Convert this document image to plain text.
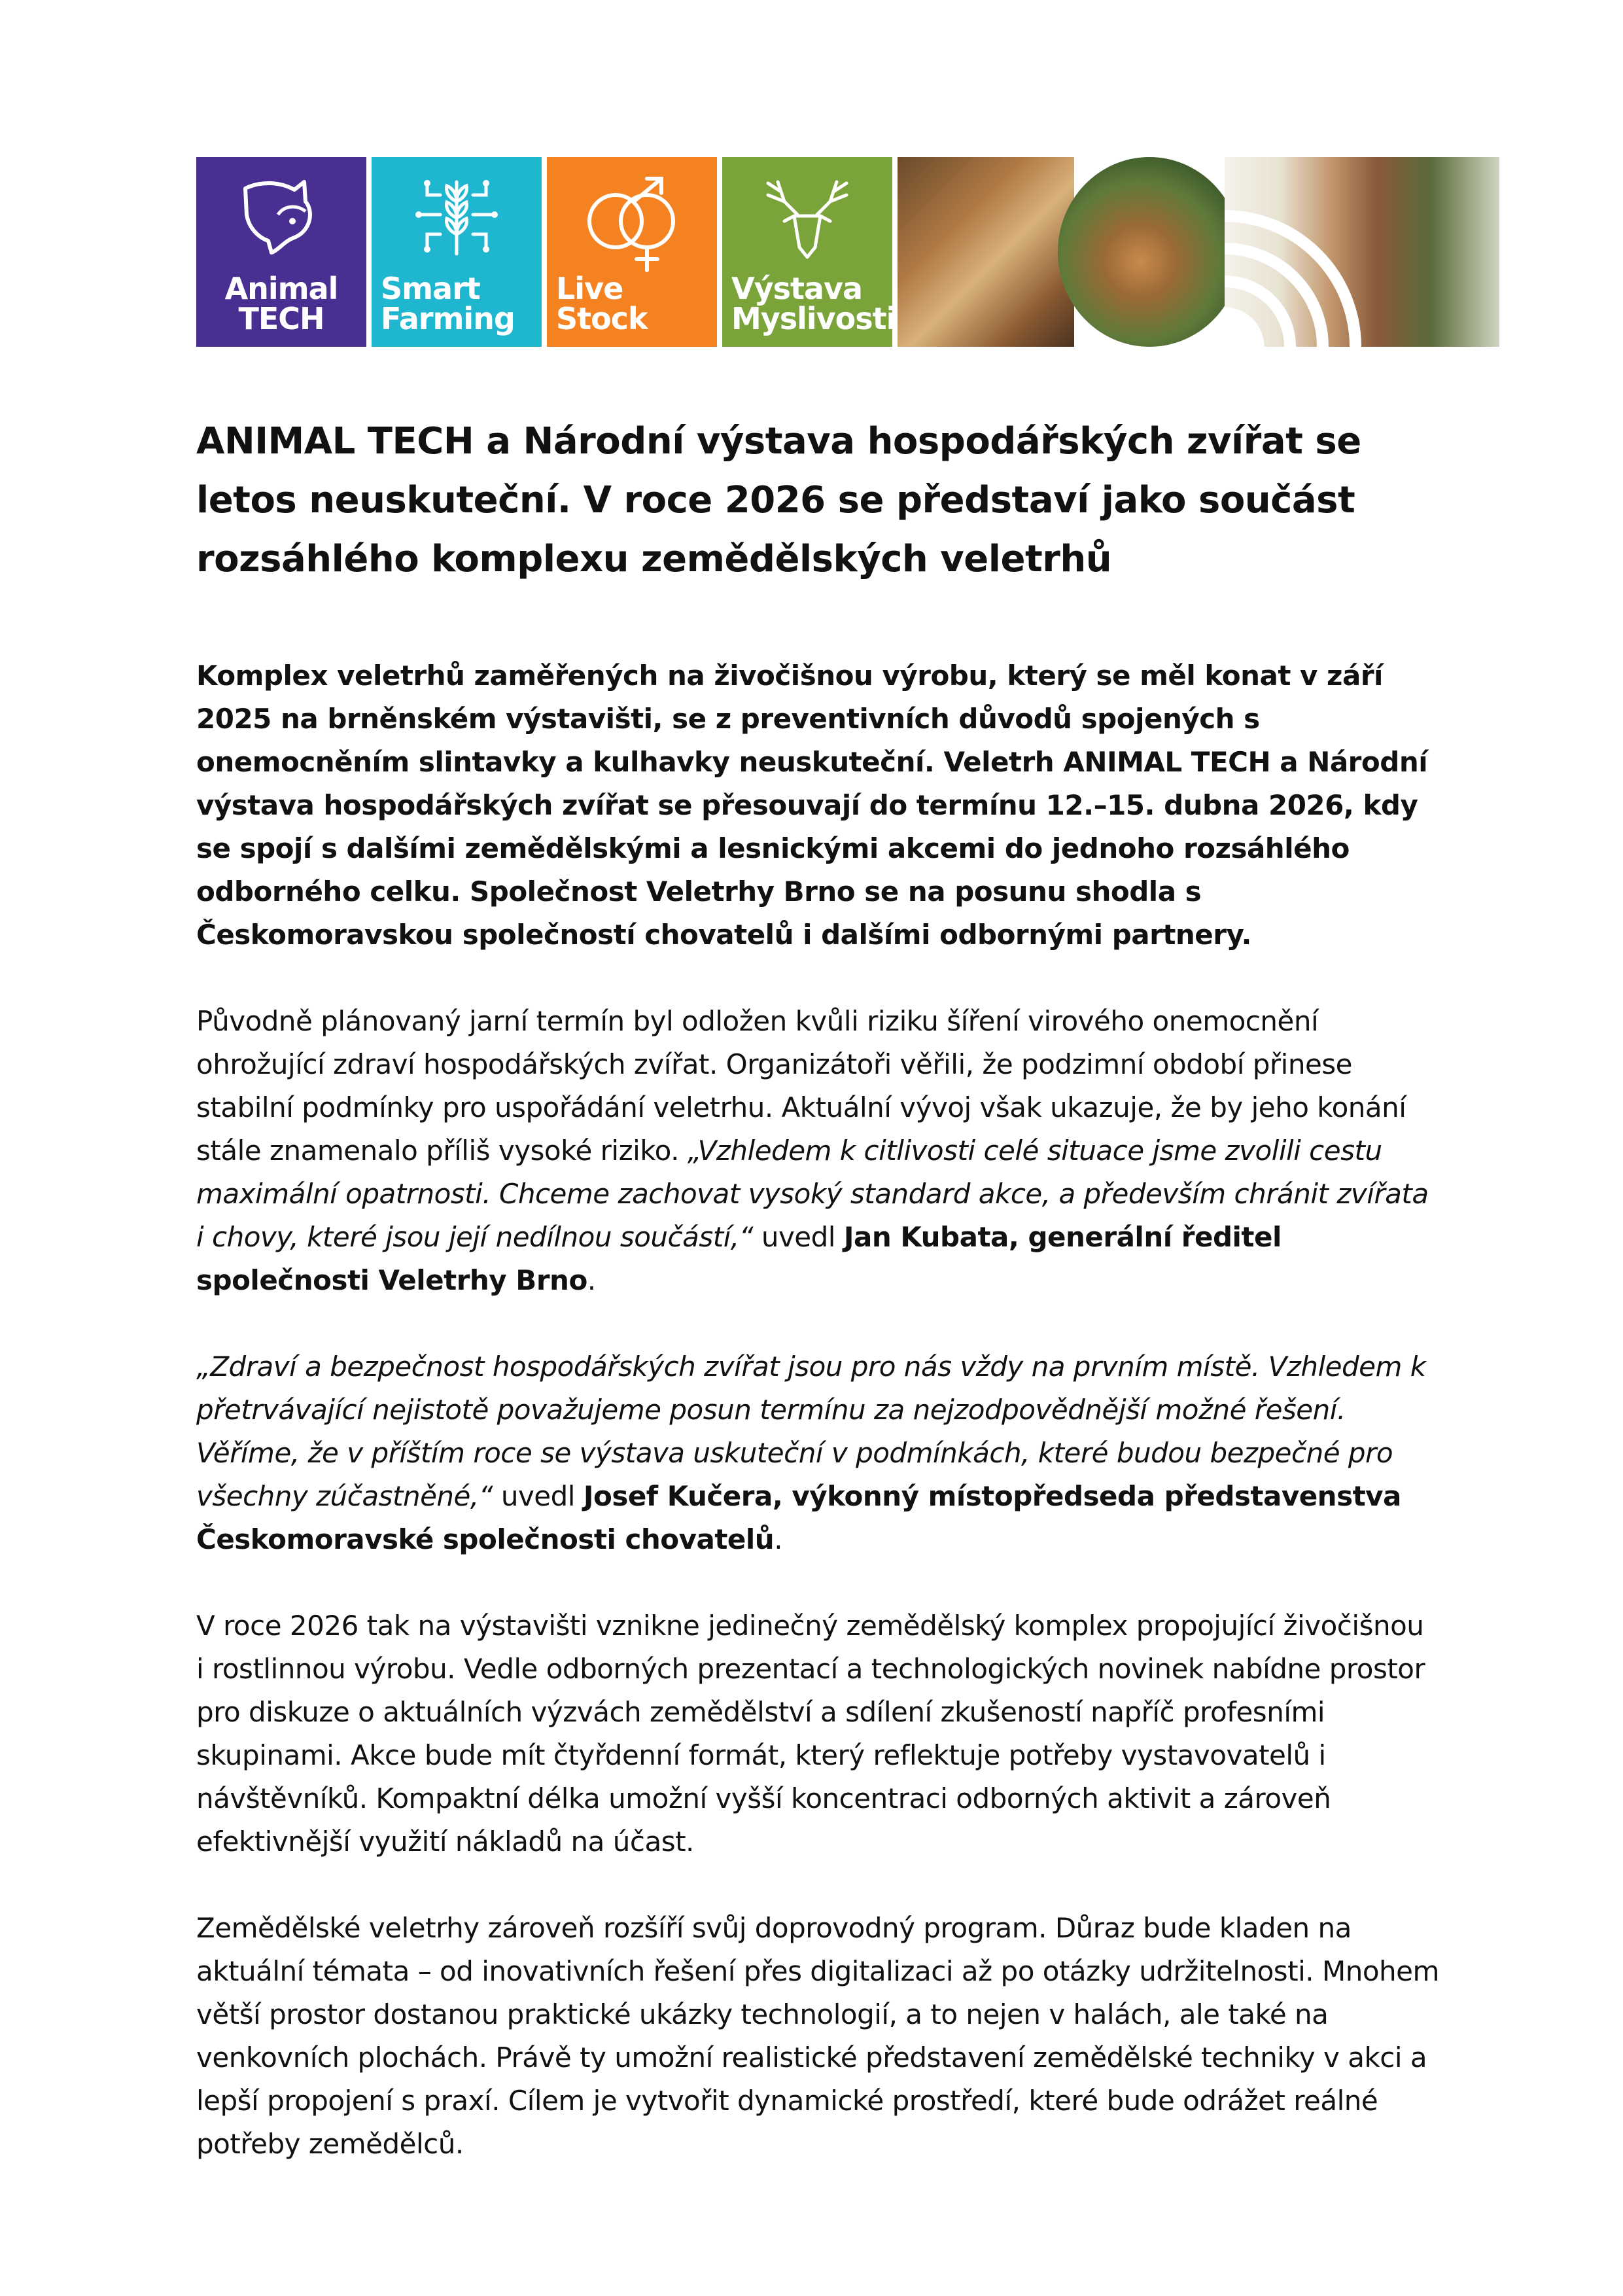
Animal
TECH
Smart
Farming
Live
Stock
Výstava
Myslivosti
ANIMAL TECH a Národní výstava hospodářských zvířat se letos neuskuteční. V roce 2026 se představí jako součást rozsáhlého komplexu zemědělských veletrhů

Komplex veletrhů zaměřených na živočišnou výrobu, který se měl konat v září 2025 na brněnském výstavišti, se z preventivních důvodů spojených s onemocněním slintavky a kulhavky neuskuteční. Veletrh ANIMAL TECH a Národní výstava hospodářských zvířat se přesouvají do termínu 12.–15. dubna 2026, kdy se spojí s dalšími zemědělskými a lesnickými akcemi do jednoho rozsáhlého odborného celku. Společnost Veletrhy Brno se na posunu shodla s Českomoravskou společností chovatelů i dalšími odbornými partnery.

Původně plánovaný jarní termín byl odložen kvůli riziku šíření virového onemocnění ohrožující zdraví hospodářských zvířat. Organizátoři věřili, že podzimní období přinese stabilní podmínky pro uspořádání veletrhu. Aktuální vývoj však ukazuje, že by jeho konání stále znamenalo příliš vysoké riziko. „Vzhledem k citlivosti celé situace jsme zvolili cestu maximální opatrnosti. Chceme zachovat vysoký standard akce, a především chránit zvířata i chovy, které jsou její nedílnou součástí,“ uvedl Jan Kubata, generální ředitel společnosti Veletrhy Brno.

„Zdraví a bezpečnost hospodářských zvířat jsou pro nás vždy na prvním místě. Vzhledem k přetrvávající nejistotě považujeme posun termínu za nejzodpovědnější možné řešení. Věříme, že v příštím roce se výstava uskuteční v podmínkách, které budou bezpečné pro všechny zúčastněné,“ uvedl Josef Kučera, výkonný místopředseda představenstva Českomoravské společnosti chovatelů.

V roce 2026 tak na výstavišti vznikne jedinečný zemědělský komplex propojující živočišnou i rostlinnou výrobu. Vedle odborných prezentací a technologických novinek nabídne prostor pro diskuze o aktuálních výzvách zemědělství a sdílení zkušeností napříč profesními skupinami. Akce bude mít čtyřdenní formát, který reflektuje potřeby vystavovatelů i návštěvníků. Kompaktní délka umožní vyšší koncentraci odborných aktivit a zároveň efektivnější využití nákladů na účast.

Zemědělské veletrhy zároveň rozšíří svůj doprovodný program. Důraz bude kladen na aktuální témata – od inovativních řešení přes digitalizaci až po otázky udržitelnosti. Mnohem větší prostor dostanou praktické ukázky technologií, a to nejen v halách, ale také na venkovních plochách. Právě ty umožní realistické představení zemědělské techniky v akci a lepší propojení s praxí. Cílem je vytvořit dynamické prostředí, které bude odrážet reálné potřeby zemědělců.
